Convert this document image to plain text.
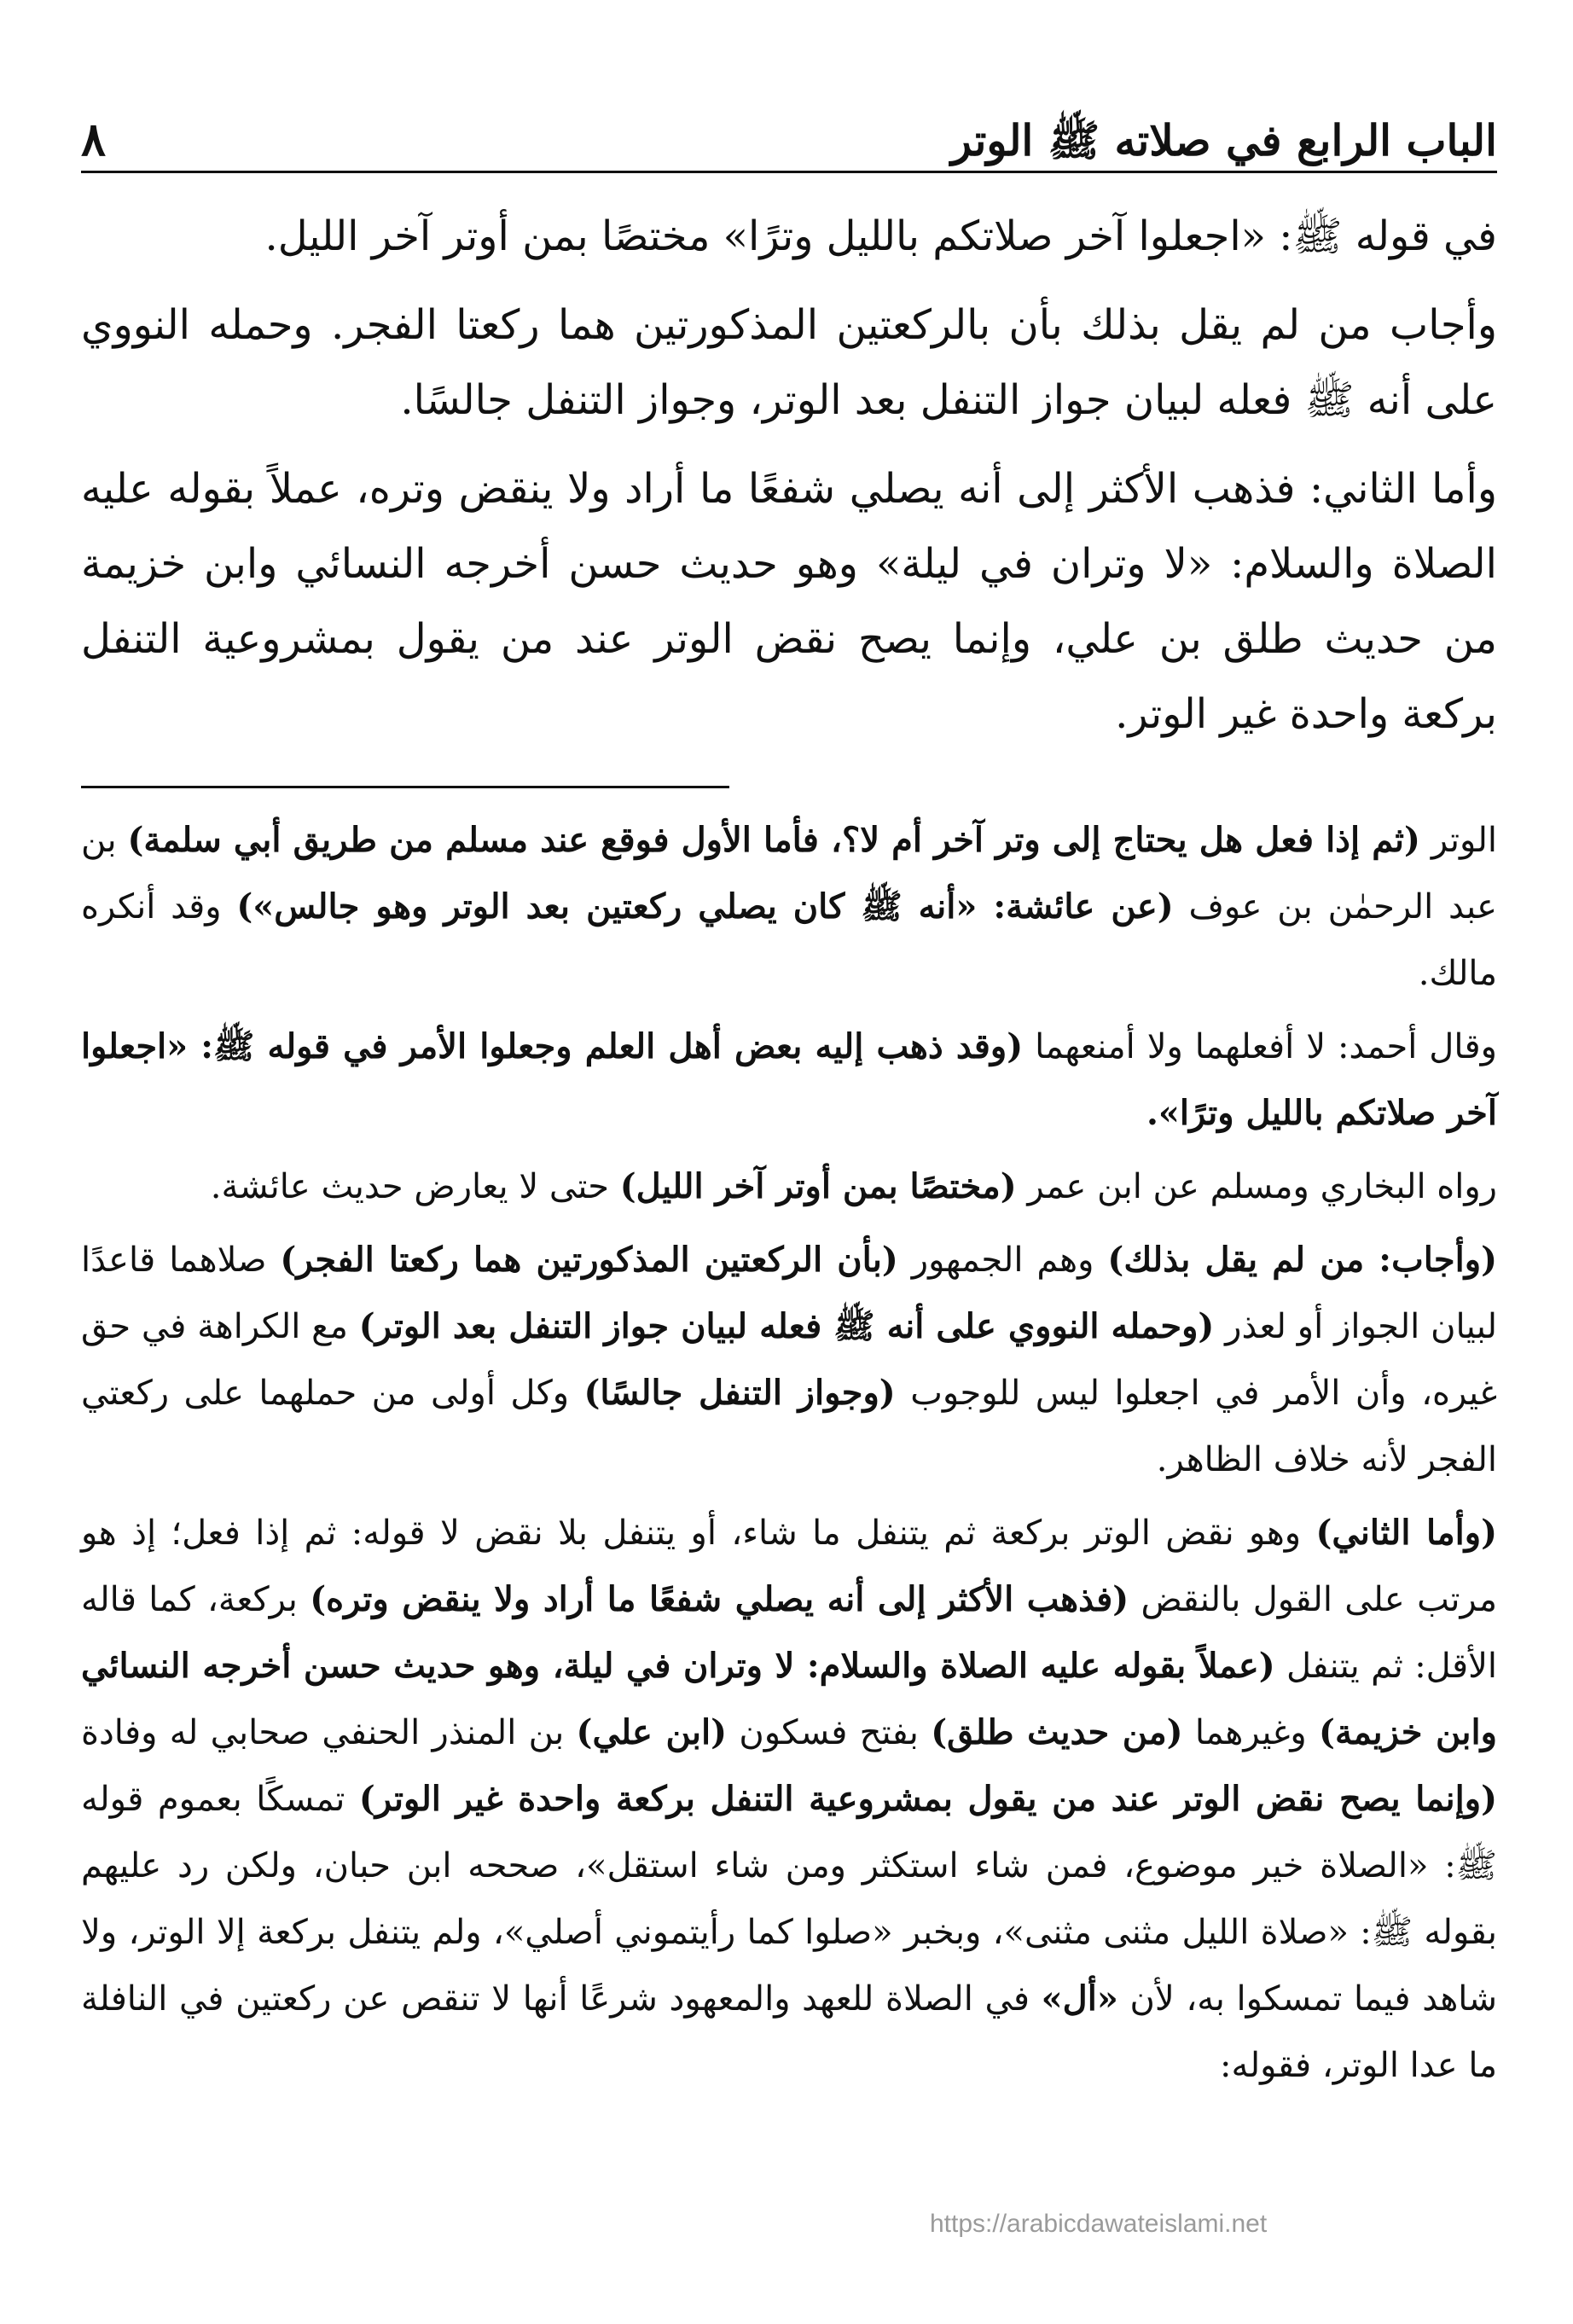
الباب الرابع في صلاته ﷺ الوتر
٨

في قوله ﷺ: «اجعلوا آخر صلاتكم بالليل وترًا» مختصًا بمن أوتر آخر الليل.

وأجاب من لم يقل بذلك بأن بالركعتين المذكورتين هما ركعتا الفجر. وحمله النووي على أنه ﷺ فعله لبيان جواز التنفل بعد الوتر، وجواز التنفل جالسًا.

وأما الثاني: فذهب الأكثر إلى أنه يصلي شفعًا ما أراد ولا ينقض وتره، عملاً بقوله عليه الصلاة والسلام: «لا وتران في ليلة» وهو حديث حسن أخرجه النسائي وابن خزيمة من حديث طلق بن علي، وإنما يصح نقض الوتر عند من يقول بمشروعية التنفل بركعة واحدة غير الوتر.

الوتر (ثم إذا فعل هل يحتاج إلى وتر آخر أم لا؟، فأما الأول فوقع عند مسلم من طريق أبي سلمة) بن عبد الرحمٰن بن عوف (عن عائشة: «أنه ﷺ كان يصلي ركعتين بعد الوتر وهو جالس») وقد أنكره مالك.

وقال أحمد: لا أفعلهما ولا أمنعهما (وقد ذهب إليه بعض أهل العلم وجعلوا الأمر في قوله ﷺ: «اجعلوا آخر صلاتكم بالليل وترًا».

رواه البخاري ومسلم عن ابن عمر (مختصًا بمن أوتر آخر الليل) حتى لا يعارض حديث عائشة.

(وأجاب: من لم يقل بذلك) وهم الجمهور (بأن الركعتين المذكورتين هما ركعتا الفجر) صلاهما قاعدًا لبيان الجواز أو لعذر (وحمله النووي على أنه ﷺ فعله لبيان جواز التنفل بعد الوتر) مع الكراهة في حق غيره، وأن الأمر في اجعلوا ليس للوجوب (وجواز التنفل جالسًا) وكل أولى من حملهما على ركعتي الفجر لأنه خلاف الظاهر.

(وأما الثاني) وهو نقض الوتر بركعة ثم يتنفل ما شاء، أو يتنفل بلا نقض لا قوله: ثم إذا فعل؛ إذ هو مرتب على القول بالنقض (فذهب الأكثر إلى أنه يصلي شفعًا ما أراد ولا ينقض وتره) بركعة، كما قاله الأقل: ثم يتنفل (عملاً بقوله عليه الصلاة والسلام: لا وتران في ليلة، وهو حديث حسن أخرجه النسائي وابن خزيمة) وغيرهما (من حديث طلق) بفتح فسكون (ابن علي) بن المنذر الحنفي صحابي له وفادة (وإنما يصح نقض الوتر عند من يقول بمشروعية التنفل بركعة واحدة غير الوتر) تمسكًا بعموم قوله ﷺ: «الصلاة خير موضوع، فمن شاء استكثر ومن شاء استقل»، صححه ابن حبان، ولكن رد عليهم بقوله ﷺ: «صلاة الليل مثنى مثنى»، وبخبر «صلوا كما رأيتموني أصلي»، ولم يتنفل بركعة إلا الوتر، ولا شاهد فيما تمسكوا به، لأن «أل» في الصلاة للعهد والمعهود شرعًا أنها لا تنقص عن ركعتين في النافلة ما عدا الوتر، فقوله:

https://arabicdawateislami.net
